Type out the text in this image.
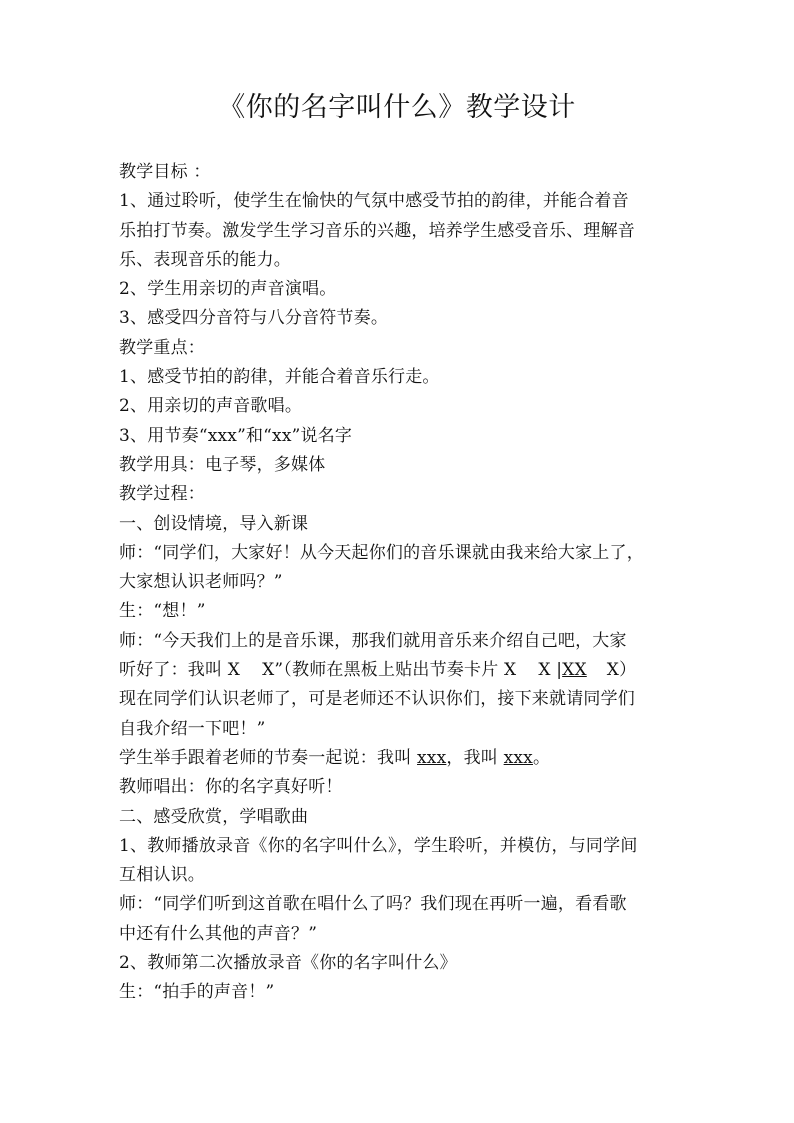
《你的名字叫什么》教学设计
教学目标 ：
1、通过聆听，使学生在愉快的气氛中感受节拍的韵律，并能合着音
乐拍打节奏。激发学生学习音乐的兴趣，培养学生感受音乐、理解音
乐、表现音乐的能力。
2、学生用亲切的声音演唱。
3、感受四分音符与八分音符节奏。
教学重点：
1、感受节拍的韵律，并能合着音乐行走。
2、用亲切的声音歌唱。
3、用节奏“xxx”和“xx”说名字
教学用具：电子琴，多媒体
教学过程：
一、创设情境，导入新课
师：“同学们，大家好！从今天起你们的音乐课就由我来给大家上了，
大家想认识老师吗？”
生：“想！”
师：“今天我们上的是音乐课，那我们就用音乐来介绍自己吧，大家
听好了：我叫 X X”（教师在黑板上贴出节奏卡片 X X |XX X）
现在同学们认识老师了，可是老师还不认识你们，接下来就请同学们
自我介绍一下吧！”
学生举手跟着老师的节奏一起说：我叫 xxx，我叫 xxx。
教师唱出：你的名字真好听！
二、感受欣赏，学唱歌曲
1、教师播放录音《你的名字叫什么》，学生聆听，并模仿，与同学间
互相认识。
师：“同学们听到这首歌在唱什么了吗？我们现在再听一遍，看看歌
中还有什么其他的声音？”
2、教师第二次播放录音《你的名字叫什么》
生：“拍手的声音！”
